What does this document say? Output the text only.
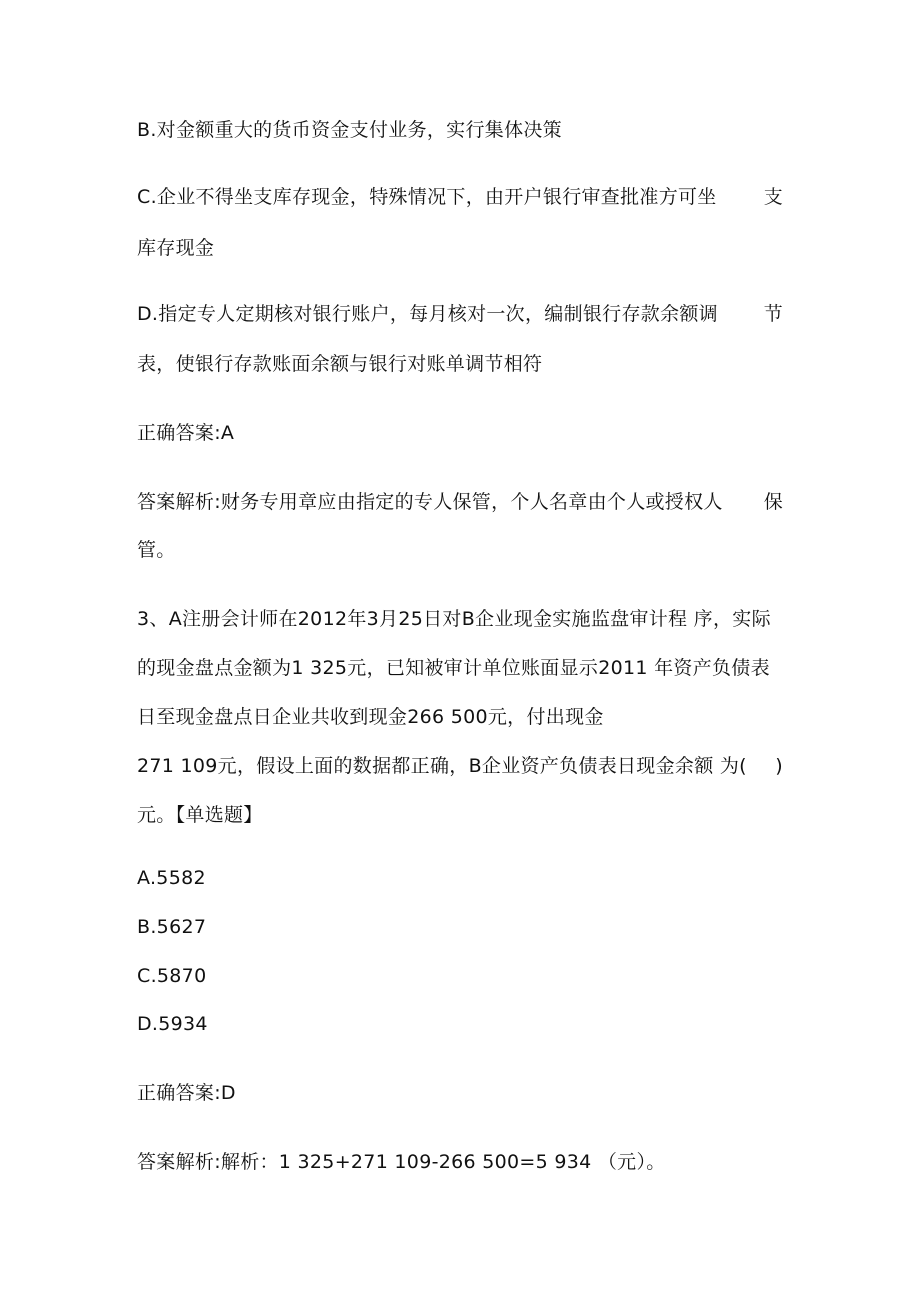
B.对金额重大的货币资金支付业务，实行集体决策
C.企业不得坐支库存现金，特殊情况下，由开户银行审查批准方可坐 支
库存现金
D.指定专人定期核对银行账户，每月核对一次，编制银行存款余额调 节
表，使银行存款账面余额与银行对账单调节相符
正确答案:A
答案解析:财务专用章应由指定的专人保管，个人名章由个人或授权人 保
管。
3、A注册会计师在2012年3月25日对B企业现金实施监盘审计程 序，实际
的现金盘点金额为1 325元，已知被审计单位账面显示2011 年资产负债表
日至现金盘点日企业共收到现金266 500元，付出现金
271 109元，假设上面的数据都正确，B企业资产负债表日现金余额 为( )
元。【单选题】
A.5582
B.5627
C.5870
D.5934
正确答案:D
答案解析:解析：1 325+271 109-266 500=5 934 （元）。
